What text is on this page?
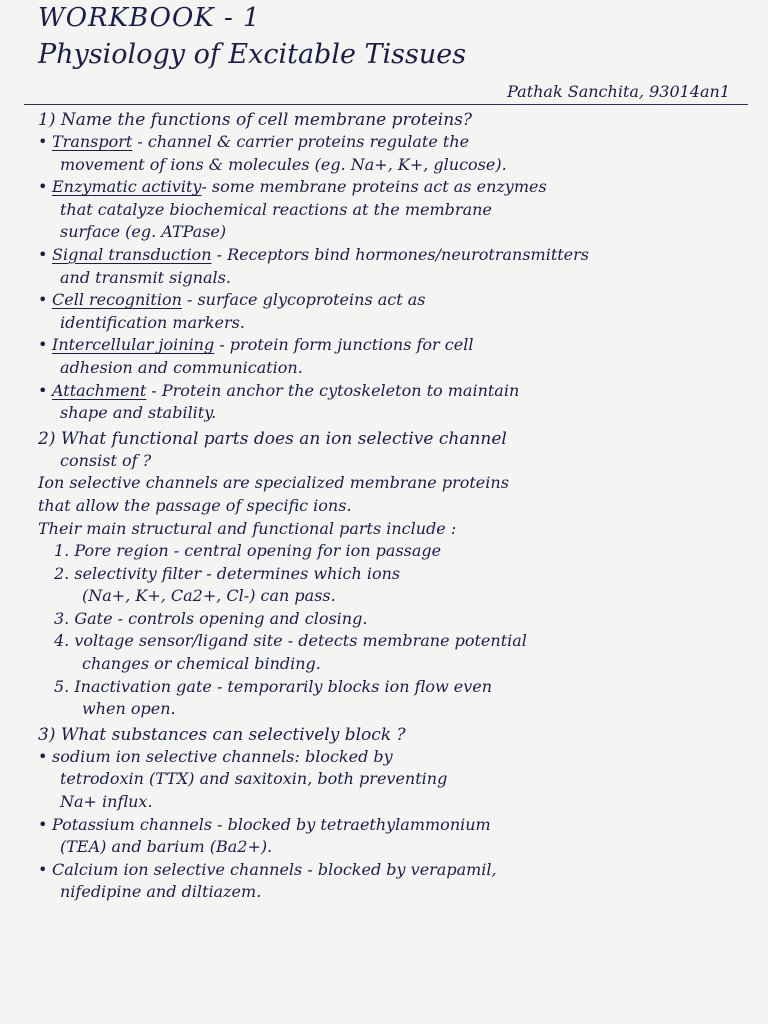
WORKBOOK - 1
Physiology of Excitable Tissues
Pathak Sanchita, 93014an1
1) Name the functions of cell membrane proteins?
• Transport - channel & carrier proteins regulate the
movement of ions & molecules (eg. Na+, K+, glucose).
• Enzymatic activity- some membrane proteins act as enzymes
that catalyze biochemical reactions at the membrane
surface (eg. ATPase)
• Signal transduction - Receptors bind hormones/neurotransmitters
and transmit signals.
• Cell recognition - surface glycoproteins act as
identification markers.
• Intercellular joining - protein form junctions for cell
adhesion and communication.
• Attachment - Protein anchor the cytoskeleton to maintain
shape and stability.
2) What functional parts does an ion selective channel
consist of ?
Ion selective channels are specialized membrane proteins
that allow the passage of specific ions.
Their main structural and functional parts include :
1. Pore region - central opening for ion passage
2. selectivity filter - determines which ions
(Na+, K+, Ca2+, Cl-) can pass.
3. Gate - controls opening and closing.
4. voltage sensor/ligand site - detects membrane potential
changes or chemical binding.
5. Inactivation gate - temporarily blocks ion flow even
when open.
3) What substances can selectively block ?
• sodium ion selective channels: blocked by
tetrodoxin (TTX) and saxitoxin, both preventing
Na+ influx.
• Potassium channels - blocked by tetraethylammonium
(TEA) and barium (Ba2+).
• Calcium ion selective channels - blocked by verapamil,
nifedipine and diltiazem.
